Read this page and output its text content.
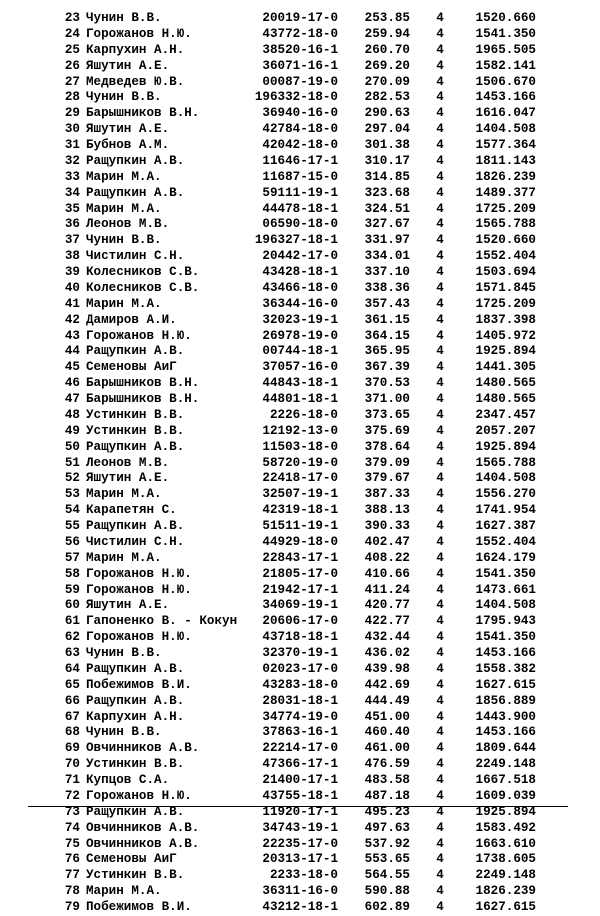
23 Чунин В.В.	20019-17-0	253.85	4	1520.660
24 Горожанов Н.Ю.	43772-18-0	259.94	4	1541.350
25 Карпухин А.Н.	38520-16-1	260.70	4	1965.505
26 Яшутин А.Е.	36071-16-1	269.20	4	1582.141
27 Медведев Ю.В.	00087-19-0	270.09	4	1506.670
28 Чунин В.В.	196332-18-0	282.53	4	1453.166
29 Барышников В.Н.	36940-16-0	290.63	4	1616.047
30 Яшутин А.Е.	42784-18-0	297.04	4	1404.508
31 Бубнов А.М.	42042-18-0	301.38	4	1577.364
32 Ращупкин А.В.	11646-17-1	310.17	4	1811.143
33 Марин М.А.	11687-15-0	314.85	4	1826.239
34 Ращупкин А.В.	59111-19-1	323.68	4	1489.377
35 Марин М.А.	44478-18-1	324.51	4	1725.209
36 Леонов М.В.	06590-18-0	327.67	4	1565.788
37 Чунин В.В.	196327-18-1	331.97	4	1520.660
38 Чистилин С.Н.	20442-17-0	334.01	4	1552.404
39 Колесников С.В.	43428-18-1	337.10	4	1503.694
40 Колесников С.В.	43466-18-0	338.36	4	1571.845
41 Марин М.А.	36344-16-0	357.43	4	1725.209
42 Дамиров А.И.	32023-19-1	361.15	4	1837.398
43 Горожанов Н.Ю.	26978-19-0	364.15	4	1405.972
44 Ращупкин А.В.	00744-18-1	365.95	4	1925.894
45 Семеновы АиГ	37057-16-0	367.39	4	1441.305
46 Барышников В.Н.	44843-18-1	370.53	4	1480.565
47 Барышников В.Н.	44801-18-1	371.00	4	1480.565
48 Устинкин В.В.	2226-18-0	373.65	4	2347.457
49 Устинкин В.В.	12192-13-0	375.69	4	2057.207
50 Ращупкин А.В.	11503-18-0	378.64	4	1925.894
51 Леонов М.В.	58720-19-0	379.09	4	1565.788
52 Яшутин А.Е.	22418-17-0	379.67	4	1404.508
53 Марин М.А.	32507-19-1	387.33	4	1556.270
54 Карапетян С.	42319-18-1	388.13	4	1741.954
55 Ращупкин А.В.	51511-19-1	390.33	4	1627.387
56 Чистилин С.Н.	44929-18-0	402.47	4	1552.404
57 Марин М.А.	22843-17-1	408.22	4	1624.179
58 Горожанов Н.Ю.	21805-17-0	410.66	4	1541.350
59 Горожанов Н.Ю.	21942-17-1	411.24	4	1473.661
60 Яшутин А.Е.	34069-19-1	420.77	4	1404.508
61 Гапоненко В. - Кокун	20606-17-0	422.77	4	1795.943
62 Горожанов Н.Ю.	43718-18-1	432.44	4	1541.350
63 Чунин В.В.	32370-19-1	436.02	4	1453.166
64 Ращупкин А.В.	02023-17-0	439.98	4	1558.382
65 Побежимов В.И.	43283-18-0	442.69	4	1627.615
66 Ращупкин А.В.	28031-18-1	444.49	4	1856.889
67 Карпухин А.Н.	34774-19-0	451.00	4	1443.900
68 Чунин В.В.	37863-16-1	460.40	4	1453.166
69 Овчинников А.В.	22214-17-0	461.00	4	1809.644
70 Устинкин В.В.	47366-17-1	476.59	4	2249.148
71 Купцов С.А.	21400-17-1	483.58	4	1667.518
72 Горожанов Н.Ю.	43755-18-1	487.18	4	1609.039
73 Ращупкин А.В.	11920-17-1	495.23	4	1925.894
74 Овчинников А.В.	34743-19-1	497.63	4	1583.492
75 Овчинников А.В.	22235-17-0	537.92	4	1663.610
76 Семеновы АиГ	20313-17-1	553.65	4	1738.605
77 Устинкин В.В.	2233-18-0	564.55	4	2249.148
78 Марин М.А.	36311-16-0	590.88	4	1826.239
79 Побежимов В.И.	43212-18-1	602.89	4	1627.615
